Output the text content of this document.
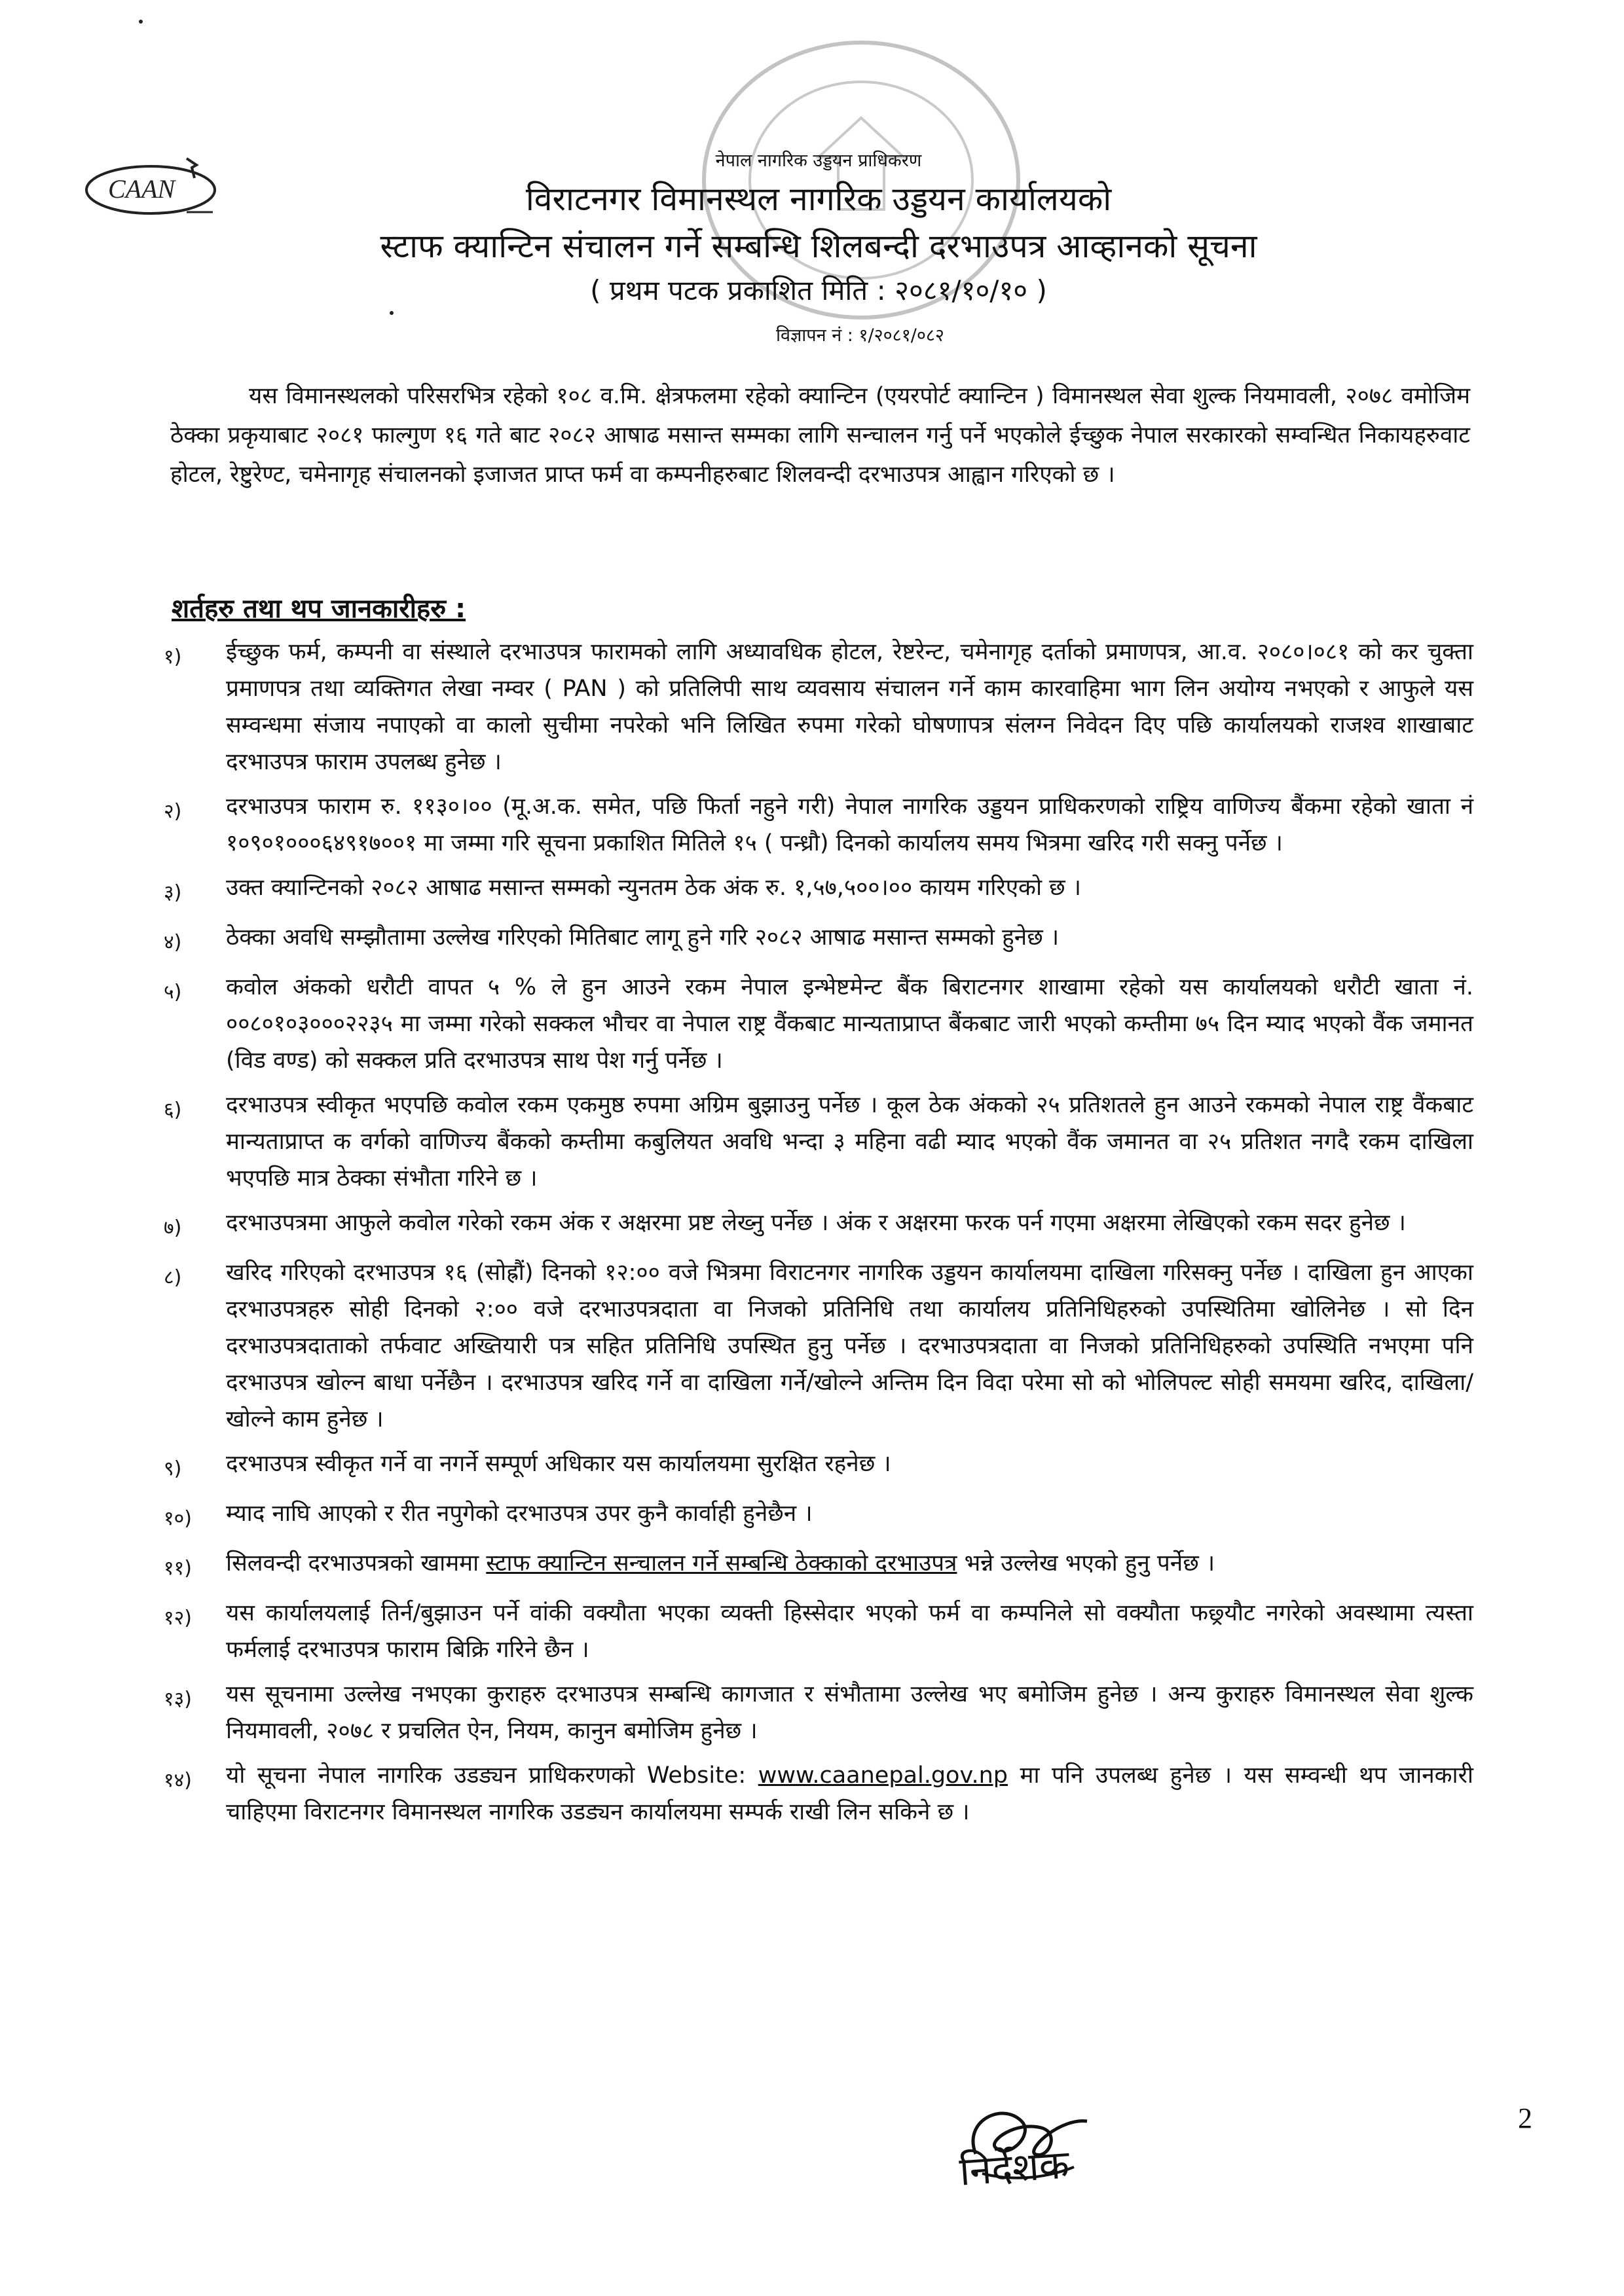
CAAN
नेपाल नागरिक उड्डयन प्राधिकरण
विराटनगर विमानस्थल नागरिक उड्डयन कार्यालयको
स्टाफ क्यान्टिन संचालन गर्ने सम्बन्धि शिलबन्दी दरभाउपत्र आव्हानको सूचना
( प्रथम पटक प्रकाशित मिति : २०८१/१०/१० )
विज्ञापन नं : १/२०८१/०८२
यस विमानस्थलको परिसरभित्र रहेको १०८ व.मि. क्षेत्रफलमा रहेको क्यान्टिन (एयरपोर्ट क्यान्टिन ) विमानस्थल सेवा शुल्क नियमावली, २०७८ वमोजिम ठेक्का प्रकृयाबाट २०८१ फाल्गुण १६ गते बाट २०८२ आषाढ मसान्त सम्मका लागि सन्चालन गर्नु पर्ने भएकोले ईच्छुक नेपाल सरकारको सम्वन्धित निकायहरुवाट होटल, रेष्टुरेण्ट, चमेनागृह संचालनको इजाजत प्राप्त फर्म वा कम्पनीहरुबाट शिलवन्दी दरभाउपत्र आह्वान गरिएको छ ।
शर्तहरु तथा थप जानकारीहरु :
१)	ईच्छुक फर्म, कम्पनी वा संस्थाले दरभाउपत्र फारामको लागि अध्यावधिक होटल, रेष्टरेन्ट, चमेनागृह दर्ताको प्रमाणपत्र, आ.व. २०८०।०८१ को कर चुक्ता प्रमाणपत्र तथा व्यक्तिगत लेखा नम्वर ( PAN ) को प्रतिलिपी साथ व्यवसाय संचालन गर्ने काम कारवाहिमा भाग लिन अयोग्य नभएको र आफुले यस सम्वन्धमा संजाय नपाएको वा कालो सुचीमा नपरेको भनि लिखित रुपमा गरेको घोषणापत्र संलग्न निवेदन दिए पछि कार्यालयको राजश्व शाखाबाट दरभाउपत्र फाराम उपलब्ध हुनेछ ।
२)	दरभाउपत्र फाराम रु. ११३०।०० (मू.अ.क. समेत, पछि फिर्ता नहुने गरी) नेपाल नागरिक उड्डयन प्राधिकरणको राष्ट्रिय वाणिज्य बैंकमा रहेको खाता नं १०९०१०००६४९१७००१ मा जम्मा गरि सूचना प्रकाशित मितिले १५ ( पन्ध्रौ) दिनको कार्यालय समय भित्रमा खरिद गरी सक्नु पर्नेछ ।
३)	उक्त क्यान्टिनको २०८२ आषाढ मसान्त सम्मको न्युनतम ठेक अंक रु. १,५७,५००।०० कायम गरिएको छ ।
४)	ठेक्का अवधि सम्झौतामा उल्लेख गरिएको मितिबाट लागू हुने गरि २०८२ आषाढ मसान्त सम्मको हुनेछ ।
५)	कवोल अंकको धरौटी वापत ५ % ले हुन आउने रकम नेपाल इन्भेष्टमेन्ट बैंक बिराटनगर शाखामा रहेको यस कार्यालयको धरौटी खाता नं. ००८०१०३०००२२३५ मा जम्मा गरेको सक्कल भौचर वा नेपाल राष्ट्र वैंकबाट मान्यताप्राप्त बैंकबाट जारी भएको कम्तीमा ७५ दिन म्याद भएको वैंक जमानत (विड वण्ड) को सक्कल प्रति दरभाउपत्र साथ पेश गर्नु पर्नेछ ।
६)	दरभाउपत्र स्वीकृत भएपछि कवोल रकम एकमुष्ठ रुपमा अग्रिम बुझाउनु पर्नेछ । कूल ठेक अंकको २५ प्रतिशतले हुन आउने रकमको नेपाल राष्ट्र वैंकबाट मान्यताप्राप्त क वर्गको वाणिज्य बैंकको कम्तीमा कबुलियत अवधि भन्दा ३ महिना वढी म्याद भएको वैंक जमानत वा २५ प्रतिशत नगदै रकम दाखिला भएपछि मात्र ठेक्का संभौता गरिने छ ।
७)	दरभाउपत्रमा आफुले कवोल गरेको रकम अंक र अक्षरमा प्रष्ट लेख्नु पर्नेछ । अंक र अक्षरमा फरक पर्न गएमा अक्षरमा लेखिएको रकम सदर हुनेछ ।
८)	खरिद गरिएको दरभाउपत्र १६ (सोह्रौं) दिनको १२:०० वजे भित्रमा विराटनगर नागरिक उड्डयन कार्यालयमा दाखिला गरिसक्नु पर्नेछ । दाखिला हुन आएका दरभाउपत्रहरु सोही दिनको २:०० वजे दरभाउपत्रदाता वा निजको प्रतिनिधि तथा कार्यालय प्रतिनिधिहरुको उपस्थितिमा खोलिनेछ । सो दिन दरभाउपत्रदाताको तर्फवाट अख्तियारी पत्र सहित प्रतिनिधि उपस्थित हुनु पर्नेछ । दरभाउपत्रदाता वा निजको प्रतिनिधिहरुको उपस्थिति नभएमा पनि दरभाउपत्र खोल्न बाधा पर्नेछैन । दरभाउपत्र खरिद गर्ने वा दाखिला गर्ने/खोल्ने अन्तिम दिन विदा परेमा सो को भोलिपल्ट सोही समयमा खरिद, दाखिला/खोल्ने काम हुनेछ ।
९)	दरभाउपत्र स्वीकृत गर्ने वा नगर्ने सम्पूर्ण अधिकार यस कार्यालयमा सुरक्षित रहनेछ ।
१०)	म्याद नाघि आएको र रीत नपुगेको दरभाउपत्र उपर कुनै कार्वाही हुनेछैन ।
११)	सिलवन्दी दरभाउपत्रको खाममा स्टाफ क्यान्टिन सन्चालन गर्ने सम्बन्धि ठेक्काको दरभाउपत्र भन्ने उल्लेख भएको हुनु पर्नेछ ।
१२)	यस कार्यालयलाई तिर्न/बुझाउन पर्ने वांकी वक्यौता भएका व्यक्ती हिस्सेदार भएको फर्म वा कम्पनिले सो वक्यौता फछ्र्यौट नगरेको अवस्थामा त्यस्ता फर्मलाई दरभाउपत्र फाराम बिक्रि गरिने छैन ।
१३)	यस सूचनामा उल्लेख नभएका कुराहरु दरभाउपत्र सम्बन्धि कागजात र संभौतामा उल्लेख भए बमोजिम हुनेछ । अन्य कुराहरु विमानस्थल सेवा शुल्क नियमावली, २०७८ र प्रचलित ऐन, नियम, कानुन बमोजिम हुनेछ ।
१४)	यो सूचना नेपाल नागरिक उडड्यन प्राधिकरणको Website: www.caanepal.gov.np मा पनि उपलब्ध हुनेछ । यस सम्वन्धी थप जानकारी चाहिएमा विराटनगर विमानस्थल नागरिक उडड्यन कार्यालयमा सम्पर्क राखी लिन सकिने छ ।
निर्देशक
2
